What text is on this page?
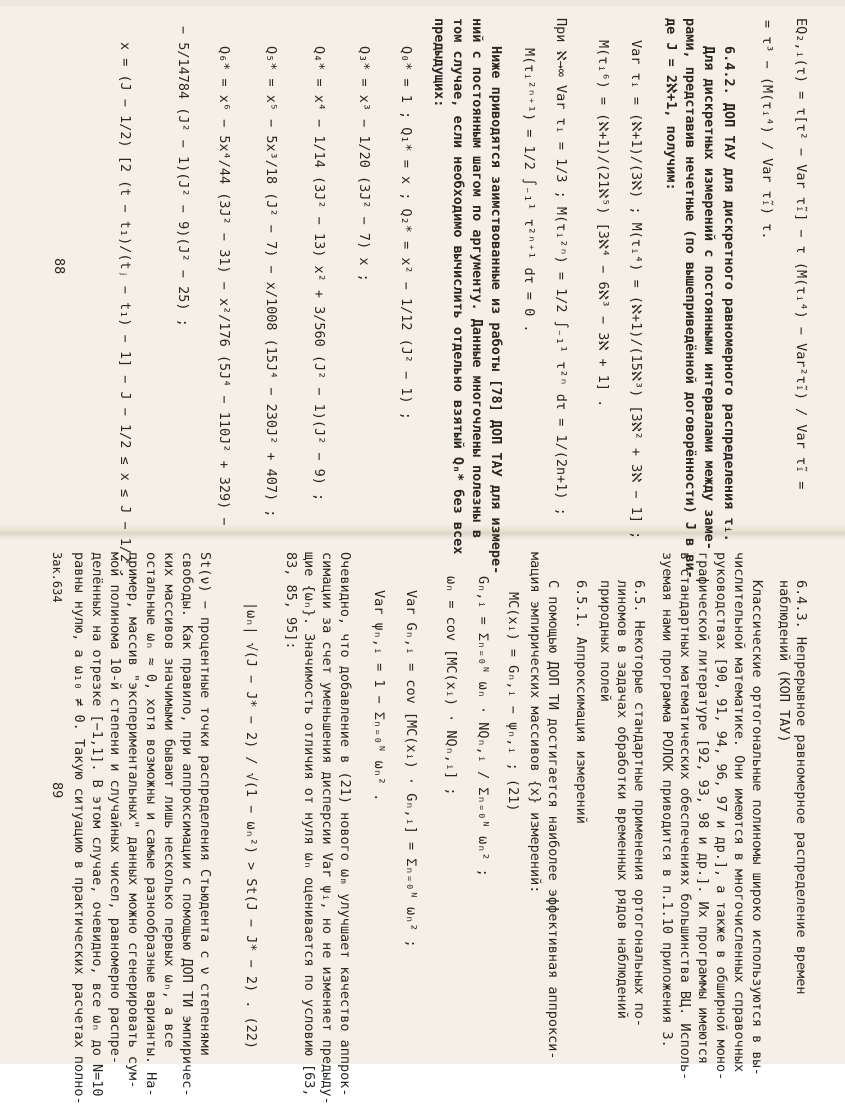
EQ₂,ᵢ(τ) = τ[τ² − Var τ̃ᵢ] − τ (M(τᵢ⁴) − Var²τ̃ᵢ) / Var τ̃ᵢ =
= τ³ − (M(τᵢ⁴) / Var τ̃ᵢ) τ.
6.4.2. ДОП ТАУ для дискретного равномерного распределения τᵢ.
Для дискретных измерений с постоянными интервалами между заме-
рами, представив нечетные (по вышеприведённой договорённости) J в ви-
де J = 2ℵ+1, получим:
Var τᵢ = (ℵ+1)/(3ℵ) ; M(τᵢ⁴) = (ℵ+1)/(15ℵ³) [3ℵ² + 3ℵ − 1] ;
M(τᵢ⁶) = (ℵ+1)/(21ℵ⁵) [3ℵ⁴ − 6ℵ³ − 3ℵ + 1] .
При ℵ→∞ Var τᵢ = 1/3 ; M(τᵢ²ⁿ) = 1/2 ∫₋₁¹ τ²ⁿ dτ = 1/(2n+1) ;
M(τᵢ²ⁿ⁺¹) = 1/2 ∫₋₁¹ τ²ⁿ⁺¹ dτ = 0 .
Ниже приводятся заимствованные из работы [78] ДОП ТАУ для измере-
ний с постоянным шагом по аргументу. Данные многочлены полезны в
том случае, если необходимо вычислить отдельно взятый Qₙ* без всех
предыдущих:
Q₀* = 1 ; Q₁* = x ; Q₂* = x² − 1/12 (J² − 1) ;
Q₃* = x³ − 1/20 (3J² − 7) x ;
Q₄* = x⁴ − 1/14 (3J² − 13) x² + 3/560 (J² − 1)(J² − 9) ;
Q₅* = x⁵ − 5x³/18 (J² − 7) − x/1008 (15J⁴ − 230J² + 407) ;
Q₆* = x⁶ − 5x⁴/44 (3J² − 31) − x²/176 (5J⁴ − 110J² + 329) −
− 5/14784 (J² − 1)(J² − 9)(J² − 25) ;
x = (J − 1/2) [2 (t − t₁)/(tⱼ − t₁) − 1] − J − 1/2 ≤ x ≤ J − 1/2 .
88
6.4.3. Непрерывное равномерное распределение времен
наблюдений (КОП ТАУ)
Классические ортогональные полиномы широко используются в вы-
числительной математике. Они имеются в многочисленных справочных
руководствах [90, 91, 94, 96, 97 и др.], а также в обширной моно-
графической литературе [92, 93, 98 и др.]. Их программы имеются
в стандартных математических обеспечениях большинства ВЦ. Исполь-
зуемая нами программа РОЛОК приводится в п.1.10 приложения 3.
6.5. Некоторые стандартные применения ортогональных по-
линомов в задачах обработки временных рядов наблюдений
природных полей
6.5.1. Аппроксимация измерений
С помощью ДОП ТИ достигается наиболее эффективная аппрокси-
мация эмпирических массивов {x} измерений:
MC(xᵢ) = Gₙ,ᵢ − ψₙ,ᵢ ; (21)
Gₙ,ᵢ = Σₙ₌₀ᴺ ωₙ · NQₙ,ᵢ / Σₙ₌₀ᴺ ωₙ² ;
ωₙ = cov [MC(xᵢ) · NQₙ,ᵢ] ;
Var Gₙ,ᵢ = cov [MC(xᵢ) · Gₙ,ᵢ] = Σₙ₌₀ᴺ ωₙ² ;
Var ψₙ,ᵢ = 1 − Σₙ₌₀ᴺ ωₙ² .
Очевидно, что добавление в (21) нового ωₘ улучшает качество аппрок-
симации за счет уменьшения дисперсии Var ψᵢ, но не изменяет предыду-
щие {ωₙ}. Значимость отличия от нуля ωₙ оценивается по условию [63,
83, 85, 95]:
|ωₙ| √(J − J* − 2) / √(1 − ωₙ²) > St(J − J* − 2) . (22)
St(ν) − процентные точки распределения Стьюдента с ν степенями
свободы. Как правило, при аппроксимации с помощью ДОП ТИ эмпиричес-
ких массивов значимыми бывают лишь несколько первых ωₙ, а все
остальные ωₙ ≈ 0, хотя возможны и самые разнообразные варианты. На-
пример, массив "экспериментальных" данных можно сгенерировать сум-
мой полинома 10-й степени и случайных чисел, равномерно распре-
делённых на отрезке [−1,1]. В этом случае, очевидно, все ωₙ до N=10
равны нулю, а ω₁₀ ≠ 0. Такую ситуацию в практических расчетах полно-
Зак.634
89
